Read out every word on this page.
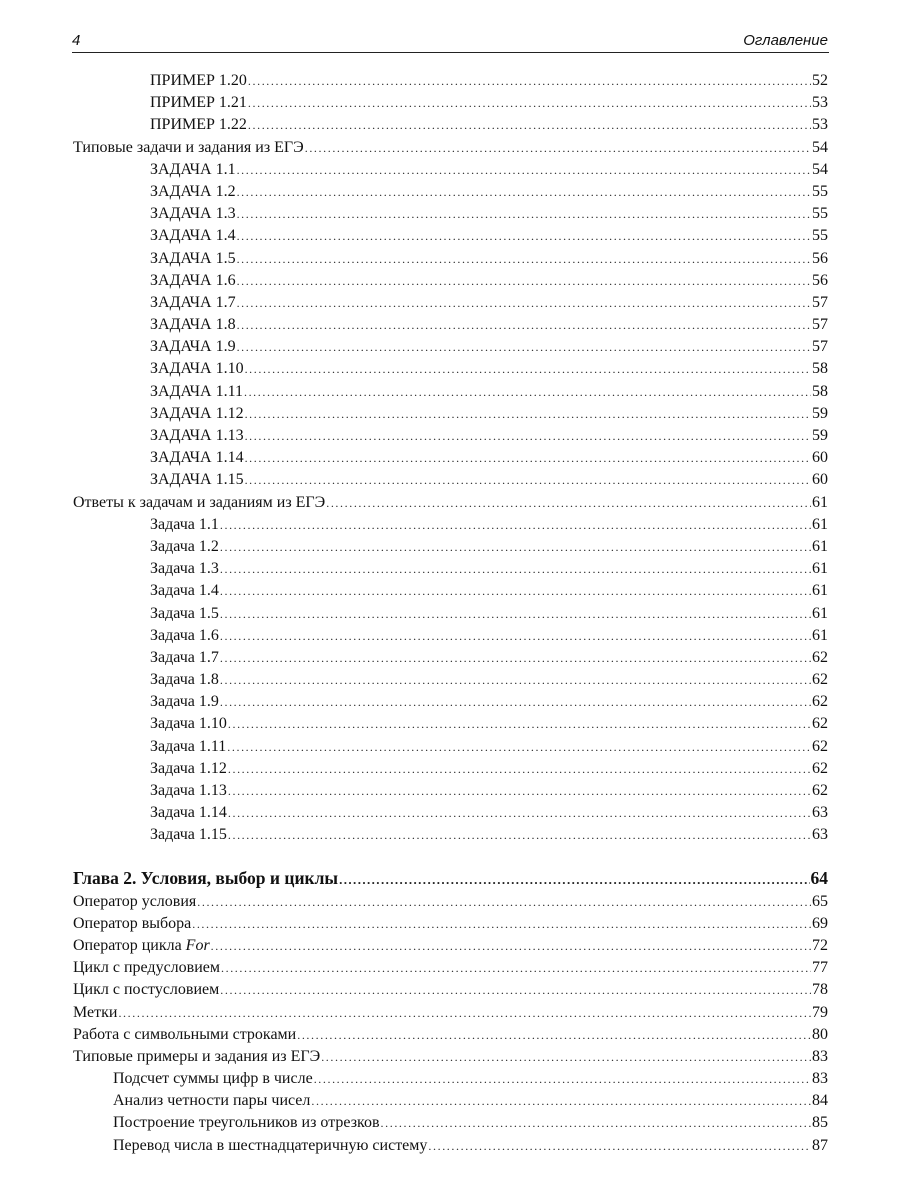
4	Оглавление
ПРИМЕР 1.20 .....	52
ПРИМЕР 1.21 .....	53
ПРИМЕР 1.22 .....	53
Типовые задачи и задания из ЕГЭ .....	54
ЗАДАЧА 1.1 .....	54
ЗАДАЧА 1.2 .....	55
ЗАДАЧА 1.3 .....	55
ЗАДАЧА 1.4 .....	55
ЗАДАЧА 1.5 .....	56
ЗАДАЧА 1.6 .....	56
ЗАДАЧА 1.7 .....	57
ЗАДАЧА 1.8 .....	57
ЗАДАЧА 1.9 .....	57
ЗАДАЧА 1.10 .....	58
ЗАДАЧА 1.11 .....	58
ЗАДАЧА 1.12 .....	59
ЗАДАЧА 1.13 .....	59
ЗАДАЧА 1.14 .....	60
ЗАДАЧА 1.15 .....	60
Ответы к задачам и заданиям из ЕГЭ .....	61
Задача 1.1 .....	61
Задача 1.2 .....	61
Задача 1.3 .....	61
Задача 1.4 .....	61
Задача 1.5 .....	61
Задача 1.6 .....	61
Задача 1.7 .....	62
Задача 1.8 .....	62
Задача 1.9 .....	62
Задача 1.10 .....	62
Задача 1.11 .....	62
Задача 1.12 .....	62
Задача 1.13 .....	62
Задача 1.14 .....	63
Задача 1.15 .....	63
Глава 2. Условия, выбор и циклы .....	64
Оператор условия .....	65
Оператор выбора .....	69
Оператор цикла For .....	72
Цикл с предусловием .....	77
Цикл с постусловием .....	78
Метки .....	79
Работа с символьными строками .....	80
Типовые примеры и задания из ЕГЭ .....	83
Подсчет суммы цифр в числе .....	83
Анализ четности пары чисел .....	84
Построение треугольников из отрезков .....	85
Перевод числа в шестнадцатеричную систему .....	87
